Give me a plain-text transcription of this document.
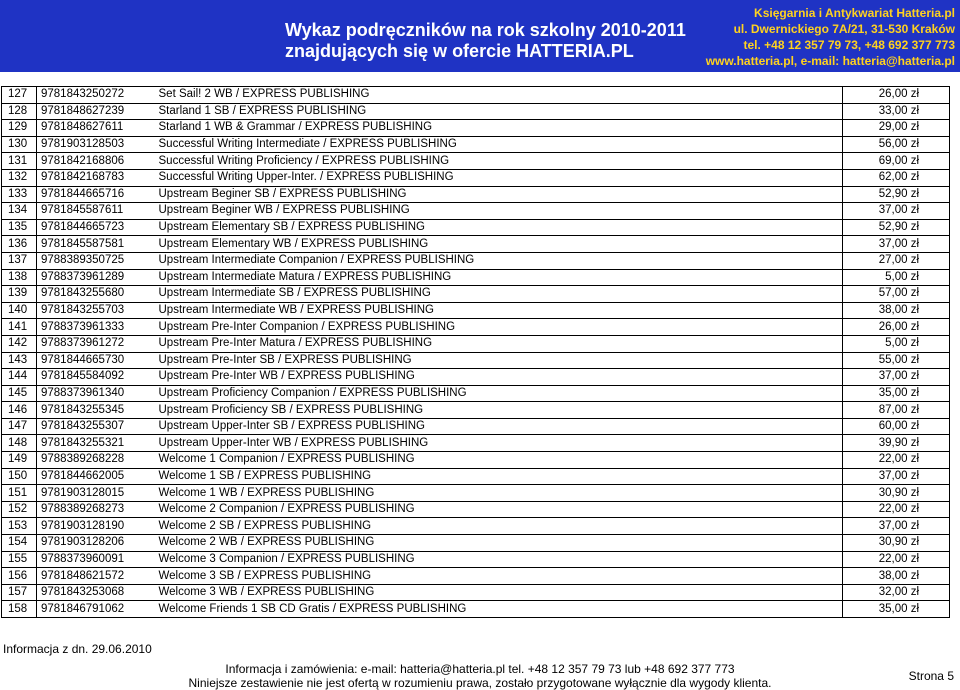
Wykaz podręczników na rok szkolny 2010-2011
znajdujących się w ofercie HATTERIA.PL
Księgarnia i Antykwariat Hatteria.pl
ul. Dwernickiego 7A/21, 31-530 Kraków
tel. +48 12 357 79 73, +48 692 377 773
www.hatteria.pl, e-mail: hatteria@hatteria.pl
127	9781843250272	Set Sail! 2 WB / EXPRESS PUBLISHING	26,00 zł
128	9781848627239	Starland 1 SB / EXPRESS PUBLISHING	33,00 zł
129	9781848627611	Starland 1 WB & Grammar / EXPRESS PUBLISHING	29,00 zł
130	9781903128503	Successful Writing Intermediate / EXPRESS PUBLISHING	56,00 zł
131	9781842168806	Successful Writing Proficiency / EXPRESS PUBLISHING	69,00 zł
132	9781842168783	Successful Writing Upper-Inter. / EXPRESS PUBLISHING	62,00 zł
133	9781844665716	Upstream Beginer SB / EXPRESS PUBLISHING	52,90 zł
134	9781845587611	Upstream Beginer WB / EXPRESS PUBLISHING	37,00 zł
135	9781844665723	Upstream Elementary SB / EXPRESS PUBLISHING	52,90 zł
136	9781845587581	Upstream Elementary WB / EXPRESS PUBLISHING	37,00 zł
137	9788389350725	Upstream Intermediate Companion / EXPRESS PUBLISHING	27,00 zł
138	9788373961289	Upstream Intermediate Matura / EXPRESS PUBLISHING	5,00 zł
139	9781843255680	Upstream Intermediate SB / EXPRESS PUBLISHING	57,00 zł
140	9781843255703	Upstream Intermediate WB / EXPRESS PUBLISHING	38,00 zł
141	9788373961333	Upstream Pre-Inter Companion / EXPRESS PUBLISHING	26,00 zł
142	9788373961272	Upstream Pre-Inter Matura / EXPRESS PUBLISHING	5,00 zł
143	9781844665730	Upstream Pre-Inter SB / EXPRESS PUBLISHING	55,00 zł
144	9781845584092	Upstream Pre-Inter WB / EXPRESS PUBLISHING	37,00 zł
145	9788373961340	Upstream Proficiency Companion / EXPRESS PUBLISHING	35,00 zł
146	9781843255345	Upstream Proficiency SB / EXPRESS PUBLISHING	87,00 zł
147	9781843255307	Upstream Upper-Inter SB / EXPRESS PUBLISHING	60,00 zł
148	9781843255321	Upstream Upper-Inter WB / EXPRESS PUBLISHING	39,90 zł
149	9788389268228	Welcome 1 Companion / EXPRESS PUBLISHING	22,00 zł
150	9781844662005	Welcome 1 SB / EXPRESS PUBLISHING	37,00 zł
151	9781903128015	Welcome 1 WB / EXPRESS PUBLISHING	30,90 zł
152	9788389268273	Welcome 2 Companion / EXPRESS PUBLISHING	22,00 zł
153	9781903128190	Welcome 2 SB / EXPRESS PUBLISHING	37,00 zł
154	9781903128206	Welcome 2 WB / EXPRESS PUBLISHING	30,90 zł
155	9788373960091	Welcome 3 Companion / EXPRESS PUBLISHING	22,00 zł
156	9781848621572	Welcome 3 SB / EXPRESS PUBLISHING	38,00 zł
157	9781843253068	Welcome 3 WB / EXPRESS PUBLISHING	32,00 zł
158	9781846791062	Welcome Friends 1 SB CD Gratis / EXPRESS PUBLISHING	35,00 zł
Informacja z dn. 29.06.2010
Informacja i zamówienia: e-mail: hatteria@hatteria.pl tel. +48 12 357 79 73 lub +48 692 377 773
Niniejsze zestawienie nie jest ofertą w rozumieniu prawa, zostało przygotowane wyłącznie dla wygody klienta.	Strona 5
